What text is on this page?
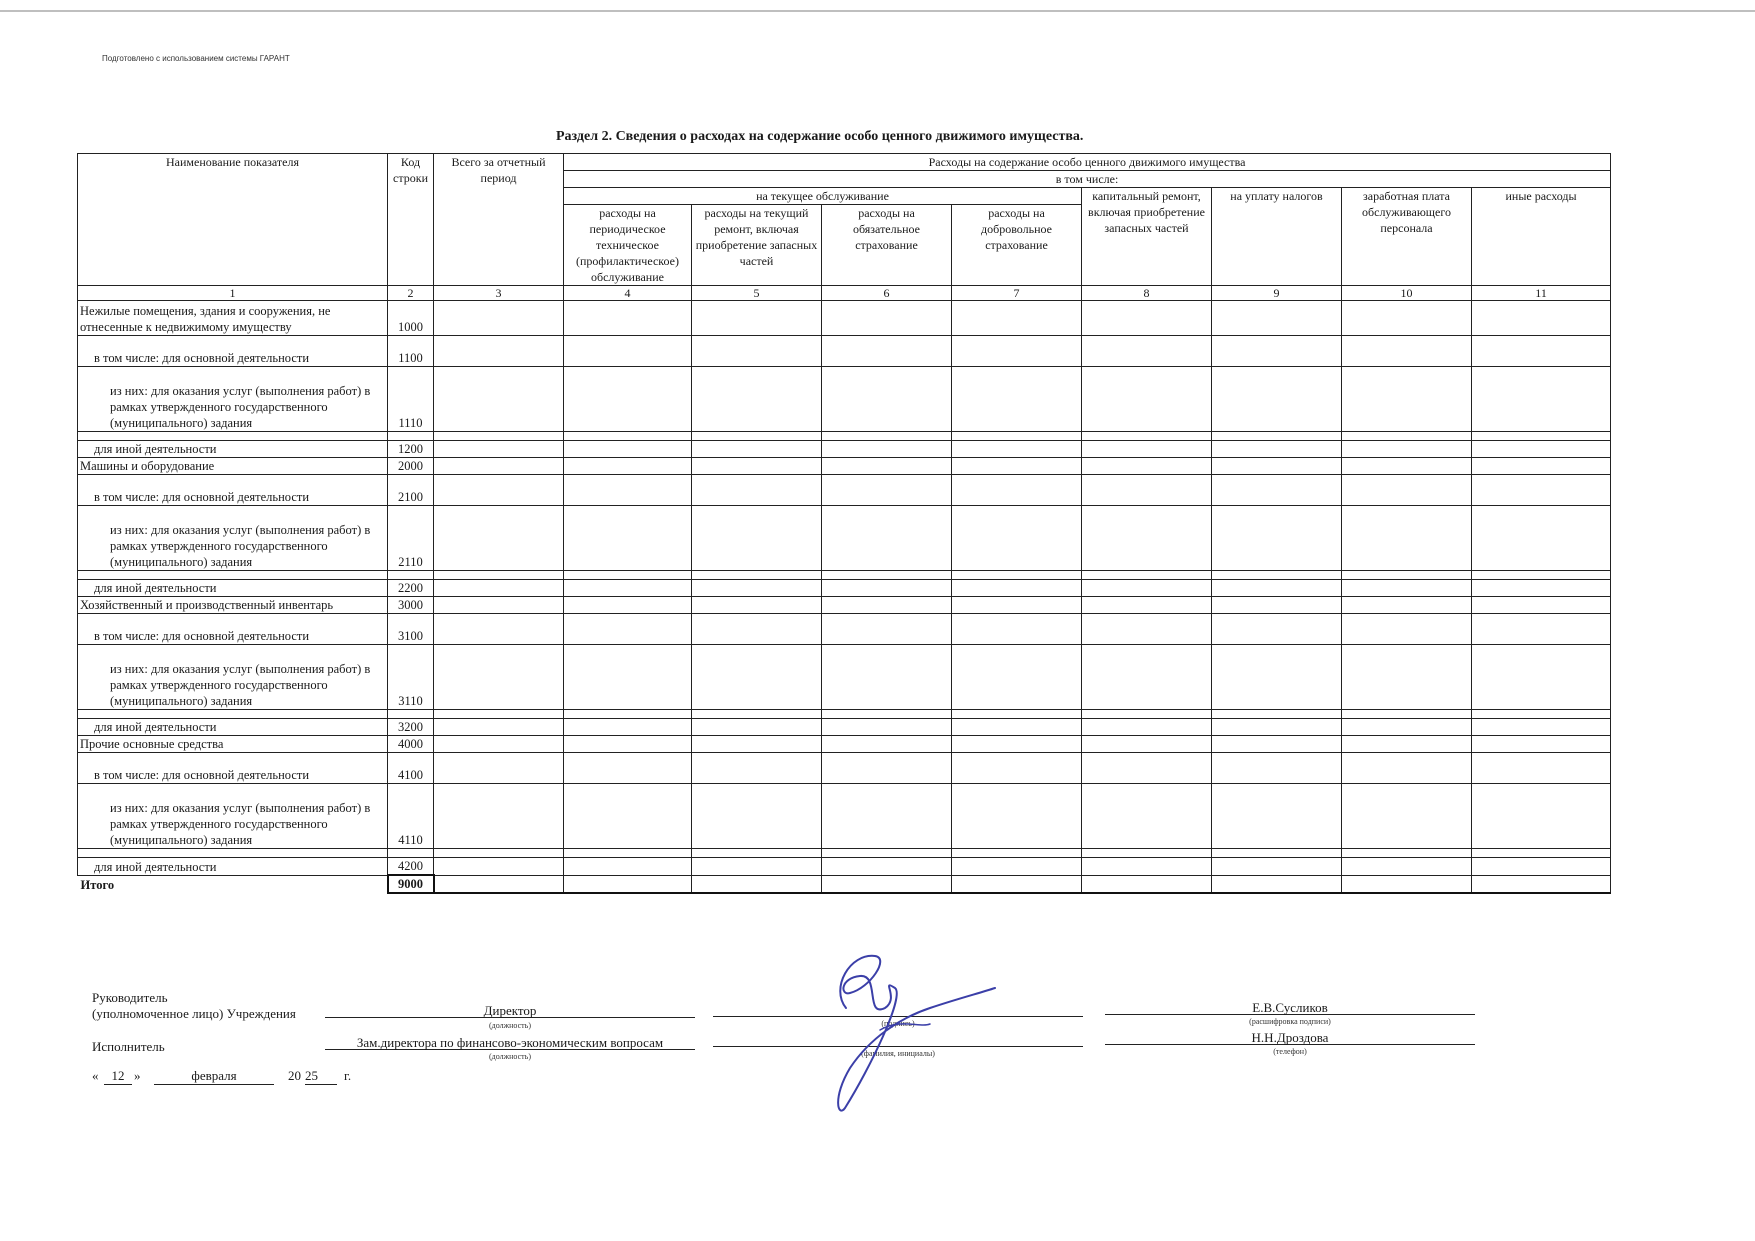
Подготовлено с использованием системы ГАРАНТ
Раздел 2. Сведения о расходах на содержание особо ценного движимого имущества.
Наименование показателя	Код строки	Всего за отчетный период	Расходы на содержание особо ценного движимого имущества							
			в том числе:							
			на текущее обслуживание				капитальный ремонт, включая приобретение запасных частей	на уплату налогов	заработная плата обслуживающего персонала	иные расходы
			расходы на периодическое техническое (профилактическое) обслуживание	расходы на текущий ремонт, включая приобретение запасных частей	расходы на обязательное страхование	расходы на добровольное страхование				
1	2	3	4	5	6	7	8	9	10	11
Нежилые помещения, здания и сооружения, не отнесенные к недвижимому имуществу	1000									
в том числе: для основной деятельности	1100									
из них: для оказания услуг (выполнения работ) в рамках утвержденного государственного (муниципального) задания	1110									

для иной деятельности	1200									
Машины и оборудование	2000									
в том числе: для основной деятельности	2100									
из них: для оказания услуг (выполнения работ) в рамках утвержденного государственного (муниципального) задания	2110									

для иной деятельности	2200									
Хозяйственный и производственный инвентарь	3000									
в том числе: для основной деятельности	3100									
из них: для оказания услуг (выполнения работ) в рамках утвержденного государственного (муниципального) задания	3110									

для иной деятельности	3200									
Прочие основные средства	4000									
в том числе: для основной деятельности	4100									
из них: для оказания услуг (выполнения работ) в рамках утвержденного государственного (муниципального) задания	4110									

для иной деятельности	4200									
Итого	9000									
Руководитель
(уполномоченное лицо) Учреждения	Директор
(должность)	(подпись)
Е.В.Сусликов
(расшифровка подписи)
Исполнитель	Зам.директора по финансово-экономическим вопросам
(должность)	(фамилия, инициалы)
Н.Н.Дроздова
(телефон)
«	12 »	февраля	20 25	г.
